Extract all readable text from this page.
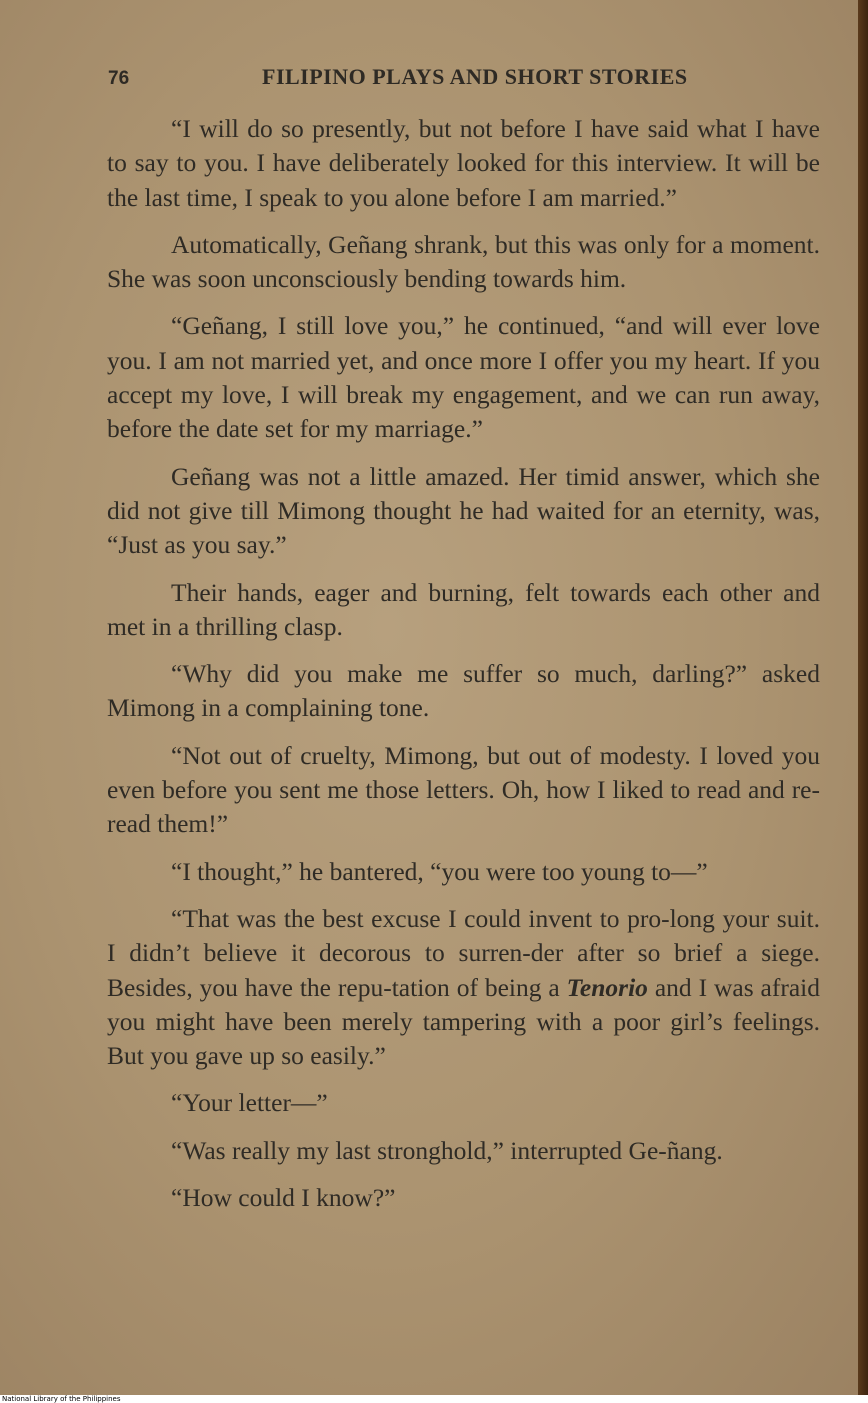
76	FILIPINO PLAYS AND SHORT STORIES

“I will do so presently, but not before I have said what I have to say to you. I have deliberately looked for this interview. It will be the last time, I speak to you alone before I am married.”

Automatically, Geñang shrank, but this was only for a moment. She was soon unconsciously bending towards him.

“Geñang, I still love you,” he continued, “and will ever love you. I am not married yet, and once more I offer you my heart. If you accept my love, I will break my engagement, and we can run away, before the date set for my marriage.”

Geñang was not a little amazed. Her timid answer, which she did not give till Mimong thought he had waited for an eternity, was, “Just as you say.”

Their hands, eager and burning, felt towards each other and met in a thrilling clasp.

“Why did you make me suffer so much, darling?” asked Mimong in a complaining tone.

“Not out of cruelty, Mimong, but out of modesty. I loved you even before you sent me those letters. Oh, how I liked to read and re-read them!”

“I thought,” he bantered, “you were too young to—”

“That was the best excuse I could invent to pro-long your suit. I didn’t believe it decorous to surren-der after so brief a siege. Besides, you have the repu-tation of being a Tenorio and I was afraid you might have been merely tampering with a poor girl’s feelings. But you gave up so easily.”

“Your letter—”

“Was really my last stronghold,” interrupted Ge-ñang.

“How could I know?”

National Library of the Philippines
